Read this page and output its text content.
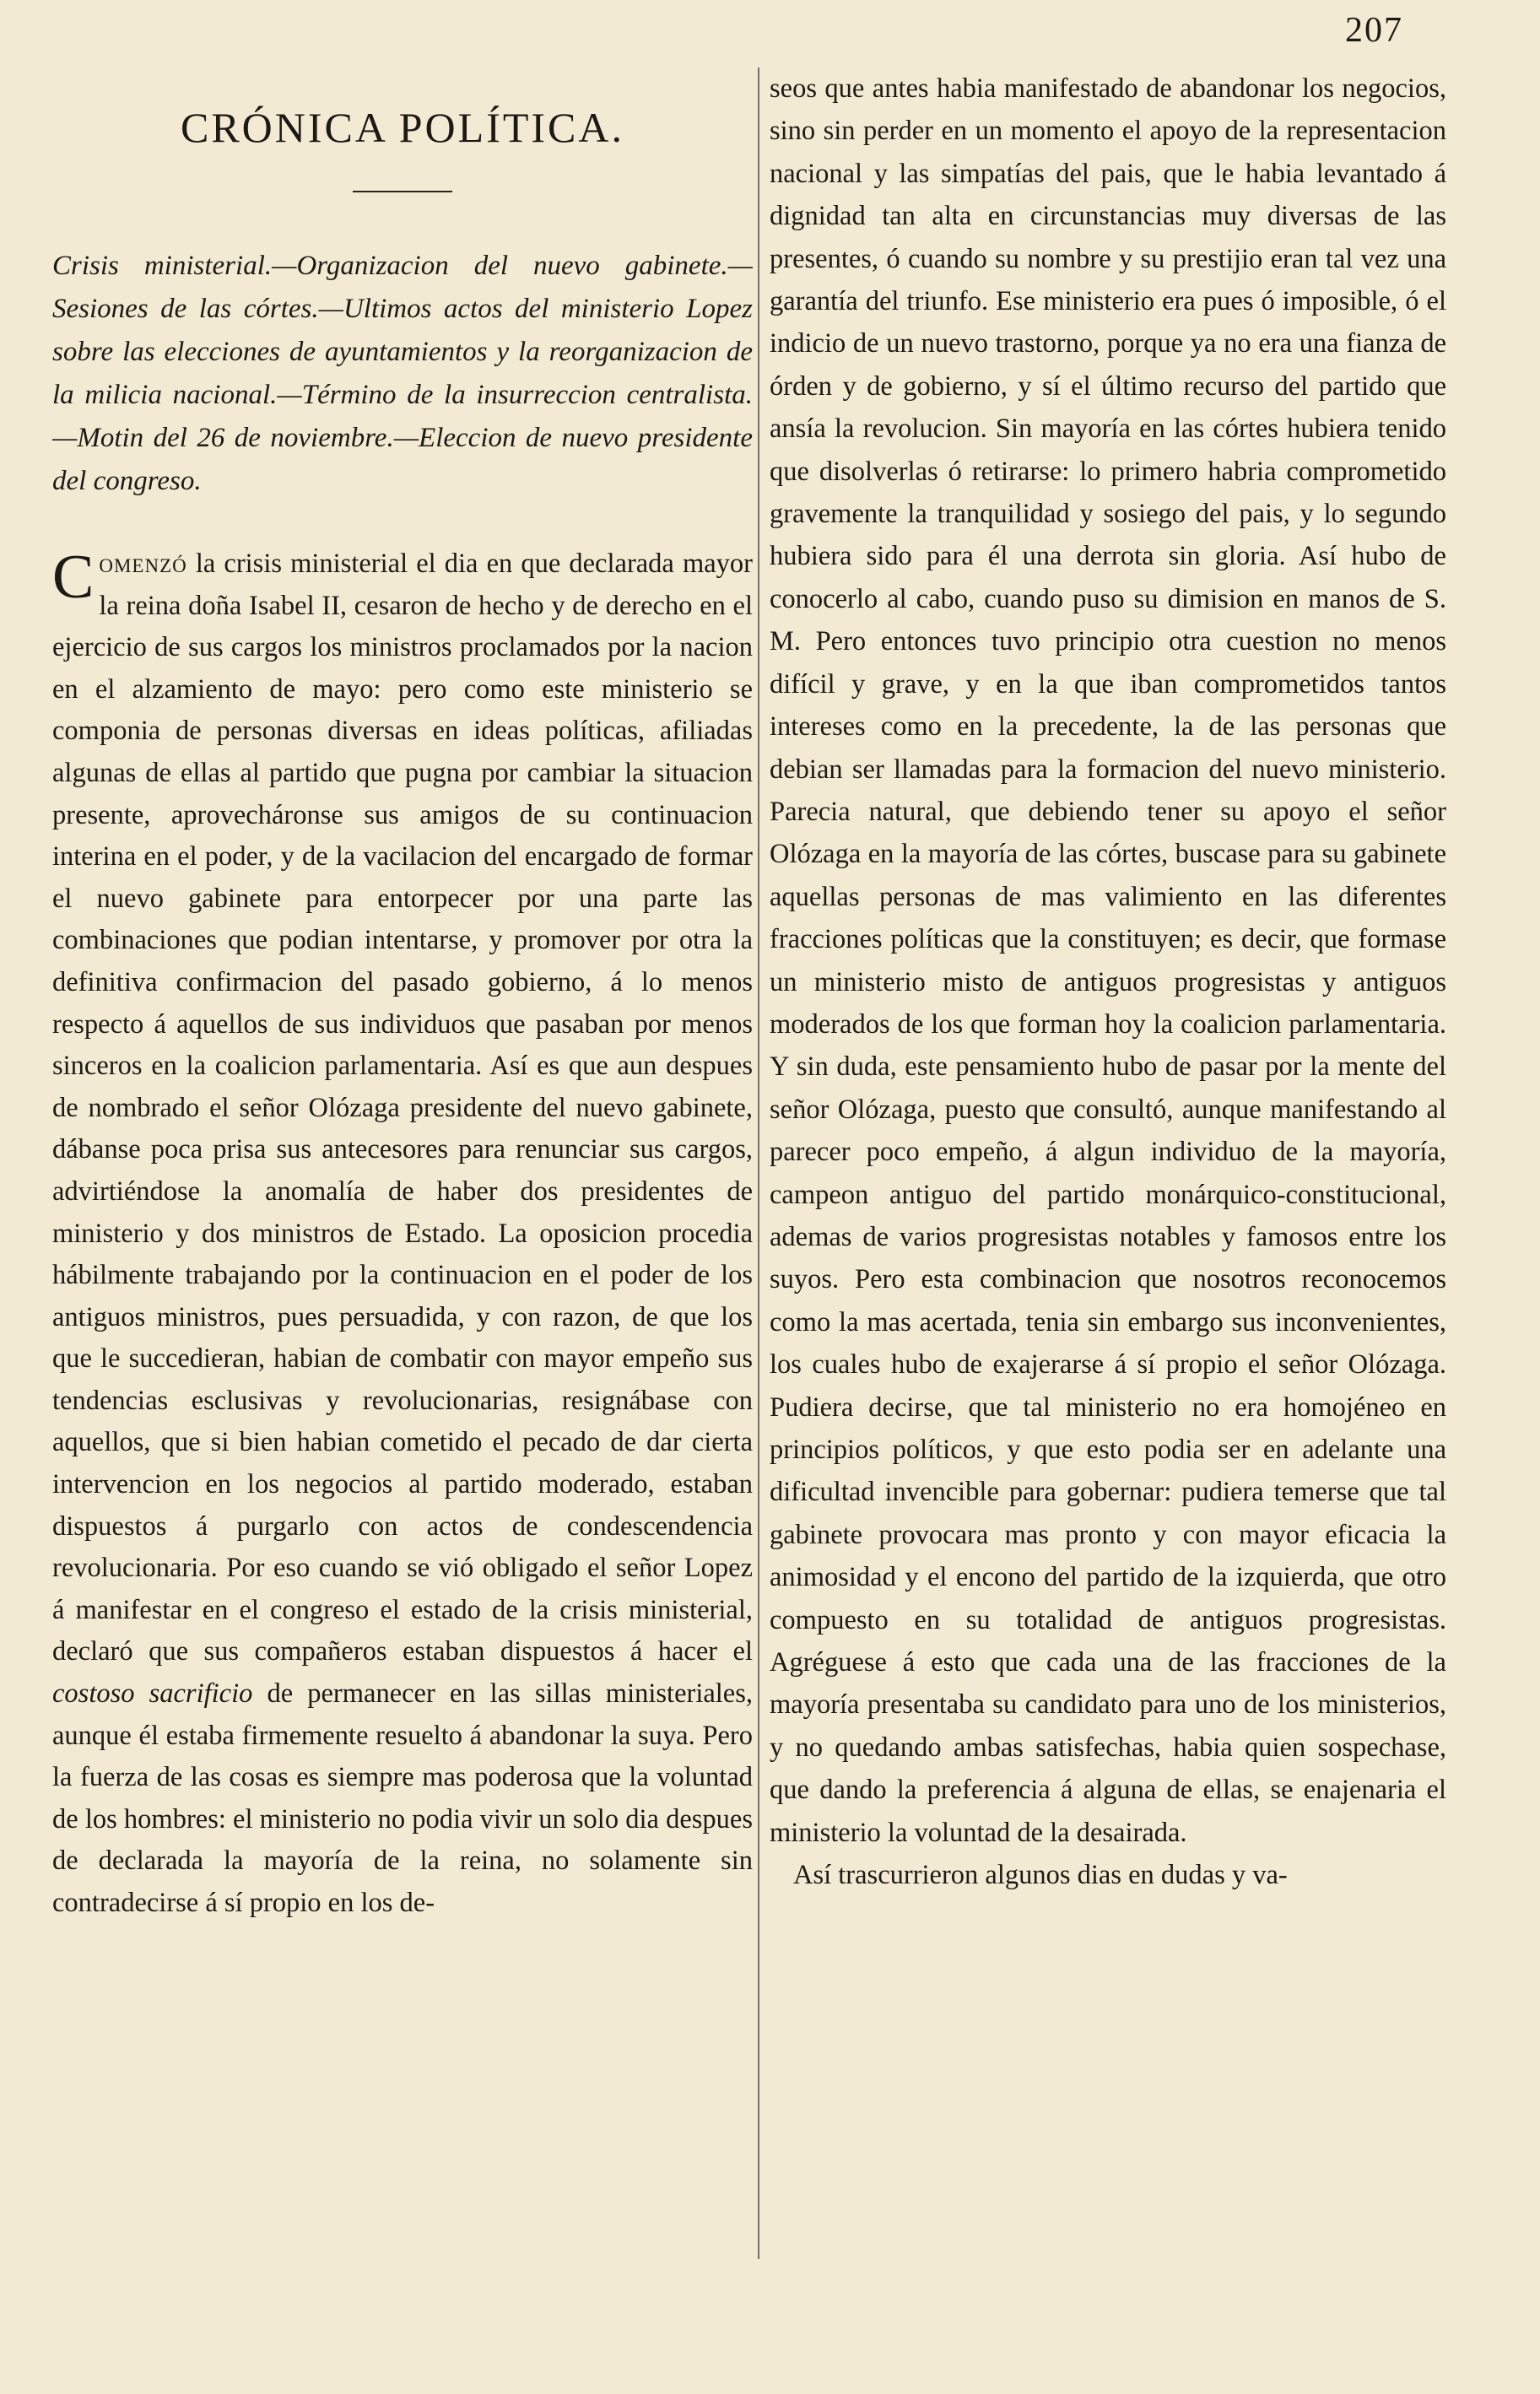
207
CRÓNICA POLÍTICA.

Crisis ministerial.—Organizacion del nuevo gabinete.—Sesiones de las córtes.—Ultimos actos del ministerio Lopez sobre las elecciones de ayuntamientos y la reorganizacion de la milicia nacional.—Término de la insurreccion centralista.—Motin del 26 de noviembre.—Eleccion de nuevo presidente del congreso.

Comenzó la crisis ministerial el dia en que declarada mayor la reina doña Isabel II, cesaron de hecho y de derecho en el ejercicio de sus cargos los ministros proclamados por la nacion en el alzamiento de mayo: pero como este ministerio se componia de personas diversas en ideas políticas, afiliadas algunas de ellas al partido que pugna por cambiar la situacion presente, aprovecháronse sus amigos de su continuacion interina en el poder, y de la vacilacion del encargado de formar el nuevo gabinete para entorpecer por una parte las combinaciones que podian intentarse, y promover por otra la definitiva confirmacion del pasado gobierno, á lo menos respecto á aquellos de sus individuos que pasaban por menos sinceros en la coalicion parlamentaria. Así es que aun despues de nombrado el señor Olózaga presidente del nuevo gabinete, dábanse poca prisa sus antecesores para renunciar sus cargos, advirtiéndose la anomalía de haber dos presidentes de ministerio y dos ministros de Estado. La oposicion procedia hábilmente trabajando por la continuacion en el poder de los antiguos ministros, pues persuadida, y con razon, de que los que le succedieran, habian de combatir con mayor empeño sus tendencias esclusivas y revolucionarias, resignábase con aquellos, que si bien habian cometido el pecado de dar cierta intervencion en los negocios al partido moderado, estaban dispuestos á purgarlo con actos de condescendencia revolucionaria. Por eso cuando se vió obligado el señor Lopez á manifestar en el congreso el estado de la crisis ministerial, declaró que sus compañeros estaban dispuestos á hacer el costoso sacrificio de permanecer en las sillas ministeriales, aunque él estaba firmemente resuelto á abandonar la suya. Pero la fuerza de las cosas es siempre mas poderosa que la voluntad de los hombres: el ministerio no podia vivir un solo dia despues de declarada la mayoría de la reina, no solamente sin contradecirse á sí propio en los de-

seos que antes habia manifestado de abandonar los negocios, sino sin perder en un momento el apoyo de la representacion nacional y las simpatías del pais, que le habia levantado á dignidad tan alta en circunstancias muy diversas de las presentes, ó cuando su nombre y su prestijio eran tal vez una garantía del triunfo. Ese ministerio era pues ó imposible, ó el indicio de un nuevo trastorno, porque ya no era una fianza de órden y de gobierno, y sí el último recurso del partido que ansía la revolucion. Sin mayoría en las córtes hubiera tenido que disolverlas ó retirarse: lo primero habria comprometido gravemente la tranquilidad y sosiego del pais, y lo segundo hubiera sido para él una derrota sin gloria. Así hubo de conocerlo al cabo, cuando puso su dimision en manos de S. M. Pero entonces tuvo principio otra cuestion no menos difícil y grave, y en la que iban comprometidos tantos intereses como en la precedente, la de las personas que debian ser llamadas para la formacion del nuevo ministerio. Parecia natural, que debiendo tener su apoyo el señor Olózaga en la mayoría de las córtes, buscase para su gabinete aquellas personas de mas valimiento en las diferentes fracciones políticas que la constituyen; es decir, que formase un ministerio misto de antiguos progresistas y antiguos moderados de los que forman hoy la coalicion parlamentaria. Y sin duda, este pensamiento hubo de pasar por la mente del señor Olózaga, puesto que consultó, aunque manifestando al parecer poco empeño, á algun individuo de la mayoría, campeon antiguo del partido monárquico-constitucional, ademas de varios progresistas notables y famosos entre los suyos. Pero esta combinacion que nosotros reconocemos como la mas acertada, tenia sin embargo sus inconvenientes, los cuales hubo de exajerarse á sí propio el señor Olózaga. Pudiera decirse, que tal ministerio no era homojéneo en principios políticos, y que esto podia ser en adelante una dificultad invencible para gobernar: pudiera temerse que tal gabinete provocara mas pronto y con mayor eficacia la animosidad y el encono del partido de la izquierda, que otro compuesto en su totalidad de antiguos progresistas. Agréguese á esto que cada una de las fracciones de la mayoría presentaba su candidato para uno de los ministerios, y no quedando ambas satisfechas, habia quien sospechase, que dando la preferencia á alguna de ellas, se enajenaria el ministerio la voluntad de la desairada.

Así trascurrieron algunos dias en dudas y va-
